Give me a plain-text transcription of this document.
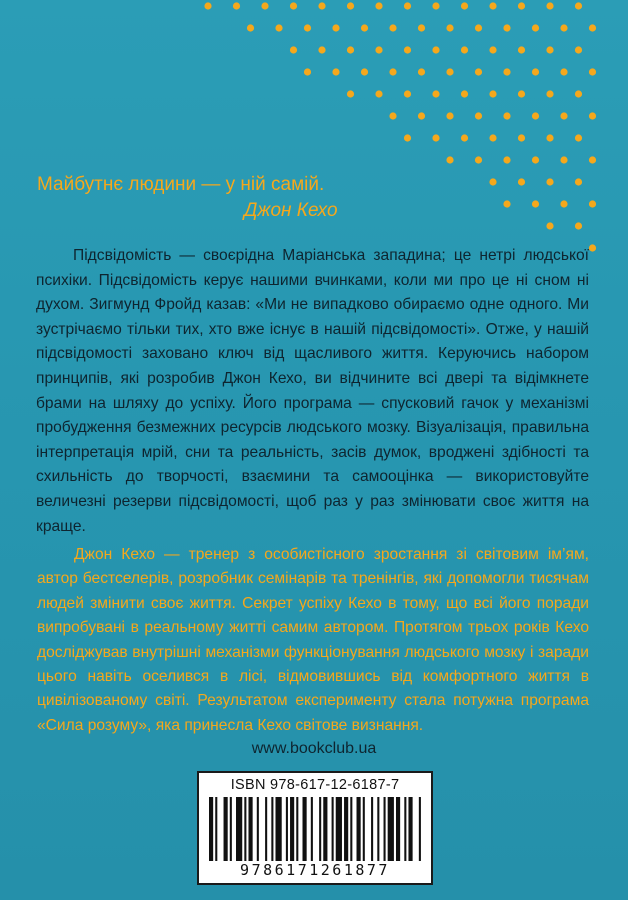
Майбутнє людини — у ній самій.
Джон Кехо

Підсвідомість — своєрідна Маріанська западина; це нетрі людської психіки. Підсвідомість керує нашими вчинками, коли ми про це ні сном ні духом. Зигмунд Фройд казав: «Ми не випадково обираємо одне одного. Ми зустрічаємо тільки тих, хто вже існує в нашій підсвідомості». Отже, у нашій підсвідомості заховано ключ від щасливого життя. Керуючись набором принципів, які розробив Джон Кехо, ви відчините всі двері та відімкнете брами на шляху до успіху. Його програма — спусковий гачок у механізмі пробудження безмежних ресурсів людського мозку. Візуалізація, правильна інтерпретація мрій, сни та реальність, засів думок, вроджені здібності та схильність до творчості, взаємини та самооцінка — використовуйте величезні резерви підсвідомості, щоб раз у раз змінювати своє життя на краще.

Джон Кехо — тренер з особистісного зростання зі світовим ім’ям, автор бестселерів, розробник семінарів та тренінгів, які допомогли тисячам людей змінити своє життя. Секрет успіху Кехо в тому, що всі його поради випробувані в реальному житті самим автором. Протягом трьох років Кехо досліджував внутрішні механізми функціонування людського мозку і заради цього навіть оселився в лісі, відмовившись від комфортного життя в цивілізованому світі. Результатом експерименту стала потужна програма «Сила розуму», яка принесла Кехо світове визнання.

www.bookclub.ua
ISBN 978-617-12-6187-7
9786171261877
